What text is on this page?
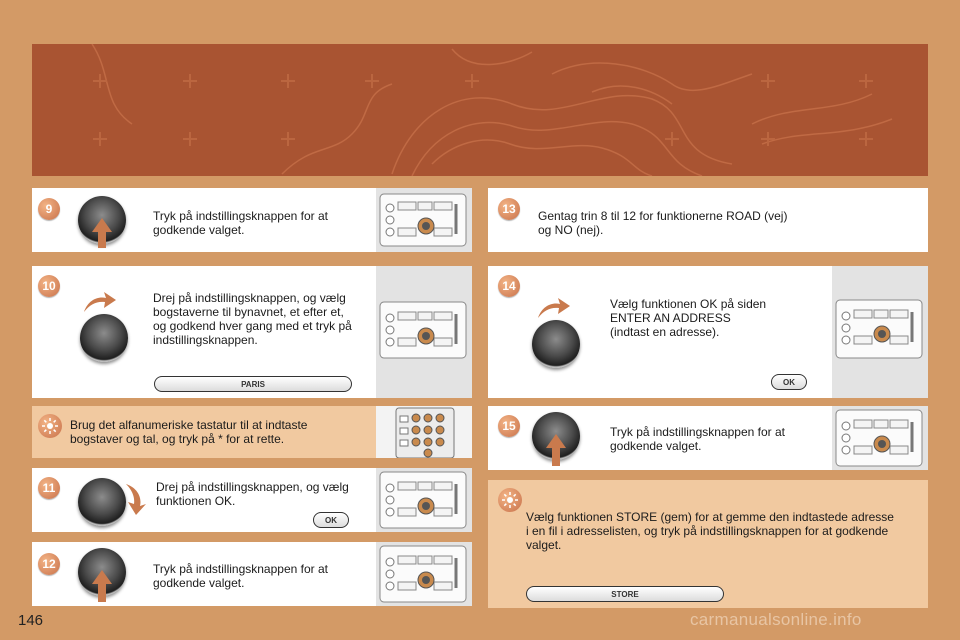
9	Tryk på indstillingsknappen for at
godkende valget.
10
Drej på indstillingsknappen, og vælg
bogstaverne til bynavnet, et efter et,
og godkend hver gang med et tryk på
indstillingsknappen.
PARIS
Brug det alfanumeriske tastatur til at indtaste
bogstaver og tal, og tryk på * for at rette.
11	Drej på indstillingsknappen, og vælg
funktionen OK.
OK
12	Tryk på indstillingsknappen for at
godkende valget.
13	Gentag trin 8 til 12 for funktionerne ROAD (vej)
og NO (nej).
14
Vælg funktionen OK på siden
ENTER AN ADDRESS
(indtast en adresse).
OK
15	Tryk på indstillingsknappen for at
godkende valget.
Vælg funktionen STORE (gem) for at gemme den indtastede adresse
i en fil i adresselisten, og tryk på indstillingsknappen for at godkende
valget.
STORE
146	carmanualsonline.info
